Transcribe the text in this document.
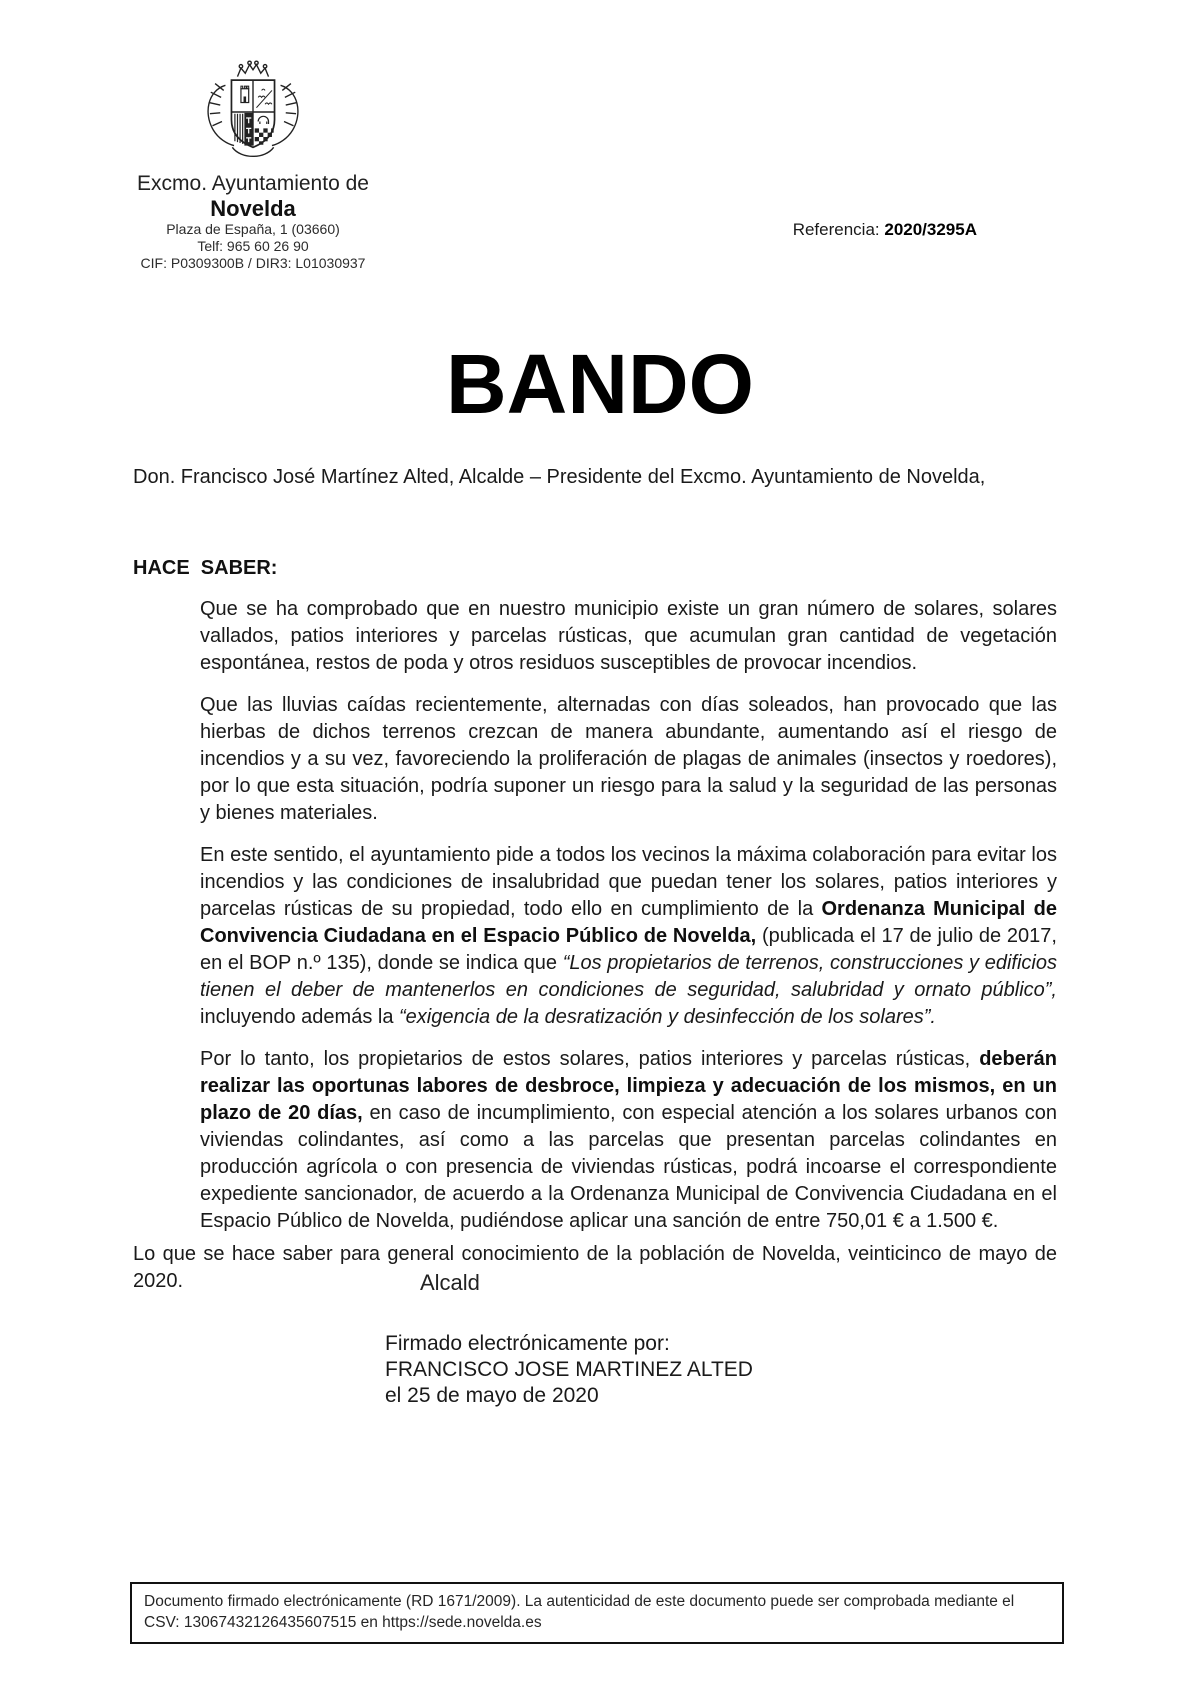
Excmo. Ayuntamiento de
Novelda
Plaza de España, 1 (03660)
Telf: 965 60 26 90
CIF: P0309300B / DIR3: L01030937
Referencia: 2020/3295A
BANDO
Don. Francisco José Martínez Alted, Alcalde – Presidente del Excmo. Ayuntamiento de Novelda,
HACE  SABER:

Que se ha comprobado que en nuestro municipio existe un gran número de solares, solares vallados, patios interiores y parcelas rústicas, que acumulan gran cantidad de vegetación espontánea, restos de poda y otros residuos susceptibles de provocar incendios.

Que las lluvias caídas recientemente, alternadas con días soleados, han provocado que las hierbas de dichos terrenos crezcan de manera abundante, aumentando así el riesgo de incendios y a su vez, favoreciendo la proliferación de plagas de animales (insectos y roedores), por lo que esta situación, podría suponer un riesgo para la salud y la seguridad de las personas y bienes materiales.

En este sentido, el ayuntamiento pide a todos los vecinos la máxima colaboración para evitar los incendios y las condiciones de insalubridad que puedan tener los solares, patios interiores y parcelas rústicas de su propiedad, todo ello en cumplimiento de la Ordenanza Municipal de Convivencia Ciudadana en el Espacio Público de Novelda, (publicada el 17 de julio de 2017, en el BOP n.º 135), donde se indica que “Los propietarios de terrenos, construcciones y edificios tienen el deber de mantenerlos en condiciones de seguridad, salubridad y ornato público”, incluyendo además la “exigencia de la desratización y desinfección de los solares”.

Por lo tanto, los propietarios de estos solares, patios interiores y parcelas rústicas, deberán realizar las oportunas labores de desbroce, limpieza y adecuación de los mismos, en un plazo de 20 días, en caso de incumplimiento, con especial atención a los solares urbanos con viviendas colindantes, así como a las parcelas que presentan parcelas colindantes en producción agrícola o con presencia de viviendas rústicas, podrá incoarse el correspondiente expediente sancionador, de acuerdo a la Ordenanza Municipal de Convivencia Ciudadana en el Espacio Público de Novelda, pudiéndose aplicar una sanción de entre 750,01 € a 1.500 €.

Lo que se hace saber para general conocimiento de la población de Novelda, veinticinco de mayo de 2020.	Alcald
Firmado electrónicamente por:
FRANCISCO JOSE MARTINEZ ALTED
el 25 de mayo de 2020
Documento firmado electrónicamente (RD 1671/2009). La autenticidad de este documento puede ser comprobada mediante el
CSV: 13067432126435607515 en https://sede.novelda.es
